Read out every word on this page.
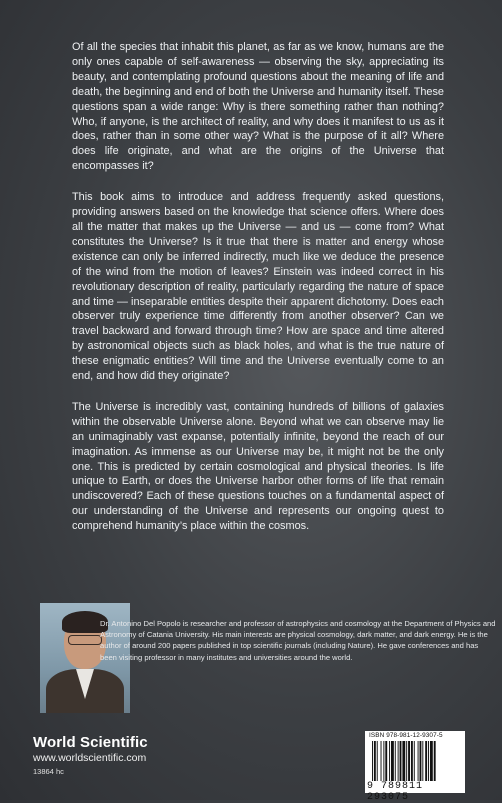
Of all the species that inhabit this planet, as far as we know, humans are the only ones capable of self-awareness — observing the sky, appreciating its beauty, and contemplating profound questions about the meaning of life and death, the beginning and end of both the Universe and humanity itself. These questions span a wide range: Why is there something rather than nothing? Who, if anyone, is the architect of reality, and why does it manifest to us as it does, rather than in some other way? What is the purpose of it all? Where does life originate, and what are the origins of the Universe that encompasses it?

This book aims to introduce and address frequently asked questions, providing answers based on the knowledge that science offers. Where does all the matter that makes up the Universe — and us — come from? What constitutes the Universe? Is it true that there is matter and energy whose existence can only be inferred indirectly, much like we deduce the presence of the wind from the motion of leaves? Einstein was indeed correct in his revolutionary description of reality, particularly regarding the nature of space and time — inseparable entities despite their apparent dichotomy. Does each observer truly experience time differently from another observer? Can we travel backward and forward through time? How are space and time altered by astronomical objects such as black holes, and what is the true nature of these enigmatic entities? Will time and the Universe eventually come to an end, and how did they originate?

The Universe is incredibly vast, containing hundreds of billions of galaxies within the observable Universe alone. Beyond what we can observe may lie an unimaginably vast expanse, potentially infinite, beyond the reach of our imagination. As immense as our Universe may be, it might not be the only one. This is predicted by certain cosmological and physical theories. Is life unique to Earth, or does the Universe harbor other forms of life that remain undiscovered? Each of these questions touches on a fundamental aspect of our understanding of the Universe and represents our ongoing quest to comprehend humanity’s place within the cosmos.

Dr. Antonino Del Popolo is researcher and professor of astrophysics and cosmology at the Department of Physics and Astronomy of Catania University. His main interests are physical cosmology, dark matter, and dark energy. He is the author of around 200 papers published in top scientific journals (including Nature). He gave conferences and has been visiting professor in many institutes and universities around the world.
World Scientific
www.worldscientific.com
13864 hc
ISBN 978-981-12-9307-5
9 789811 293075
